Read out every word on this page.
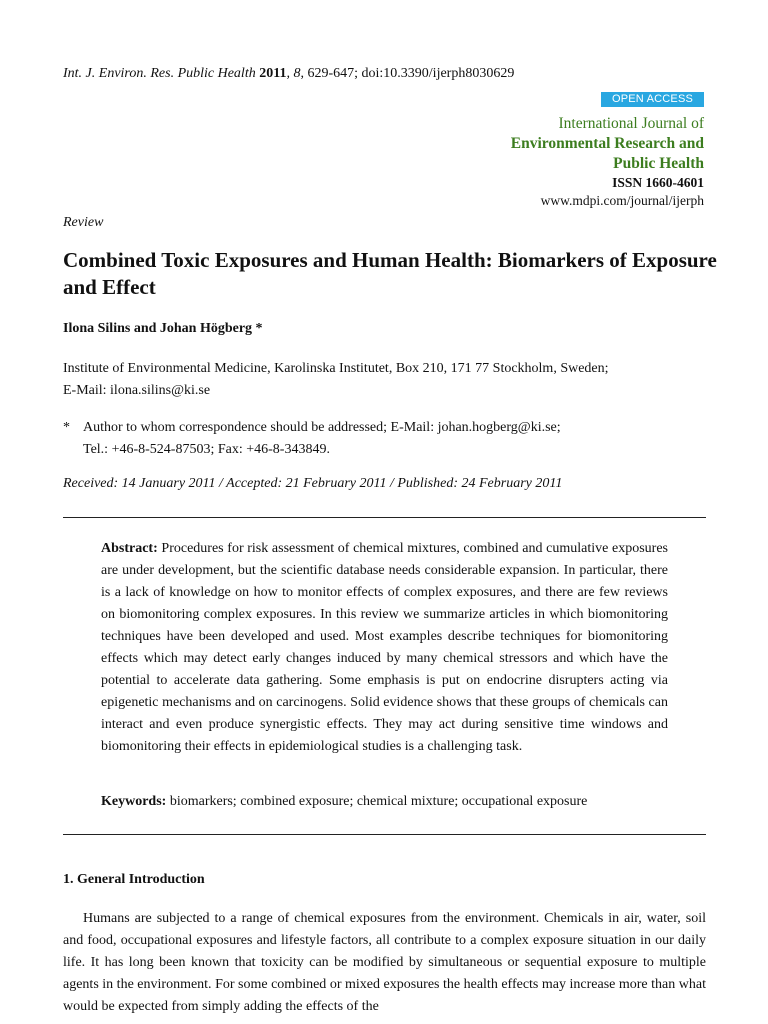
Int. J. Environ. Res. Public Health 2011, 8, 629-647; doi:10.3390/ijerph8030629
OPEN ACCESS
International Journal of
Environmental Research and
Public Health
ISSN 1660-4601
www.mdpi.com/journal/ijerph
Review
Combined Toxic Exposures and Human Health: Biomarkers of Exposure and Effect
Ilona Silins and Johan Högberg *
Institute of Environmental Medicine, Karolinska Institutet, Box 210, 171 77 Stockholm, Sweden;
E-Mail: ilona.silins@ki.se
* Author to whom correspondence should be addressed; E-Mail: johan.hogberg@ki.se;
Tel.: +46-8-524-87503; Fax: +46-8-343849.
Received: 14 January 2011 / Accepted: 21 February 2011 / Published: 24 February 2011
Abstract: Procedures for risk assessment of chemical mixtures, combined and cumulative exposures are under development, but the scientific database needs considerable expansion. In particular, there is a lack of knowledge on how to monitor effects of complex exposures, and there are few reviews on biomonitoring complex exposures. In this review we summarize articles in which biomonitoring techniques have been developed and used. Most examples describe techniques for biomonitoring effects which may detect early changes induced by many chemical stressors and which have the potential to accelerate data gathering. Some emphasis is put on endocrine disrupters acting via epigenetic mechanisms and on carcinogens. Solid evidence shows that these groups of chemicals can interact and even produce synergistic effects. They may act during sensitive time windows and biomonitoring their effects in epidemiological studies is a challenging task.
Keywords: biomarkers; combined exposure; chemical mixture; occupational exposure
1. General Introduction
Humans are subjected to a range of chemical exposures from the environment. Chemicals in air, water, soil and food, occupational exposures and lifestyle factors, all contribute to a complex exposure situation in our daily life. It has long been known that toxicity can be modified by simultaneous or sequential exposure to multiple agents in the environment. For some combined or mixed exposures the health effects may increase more than what would be expected from simply adding the effects of the
